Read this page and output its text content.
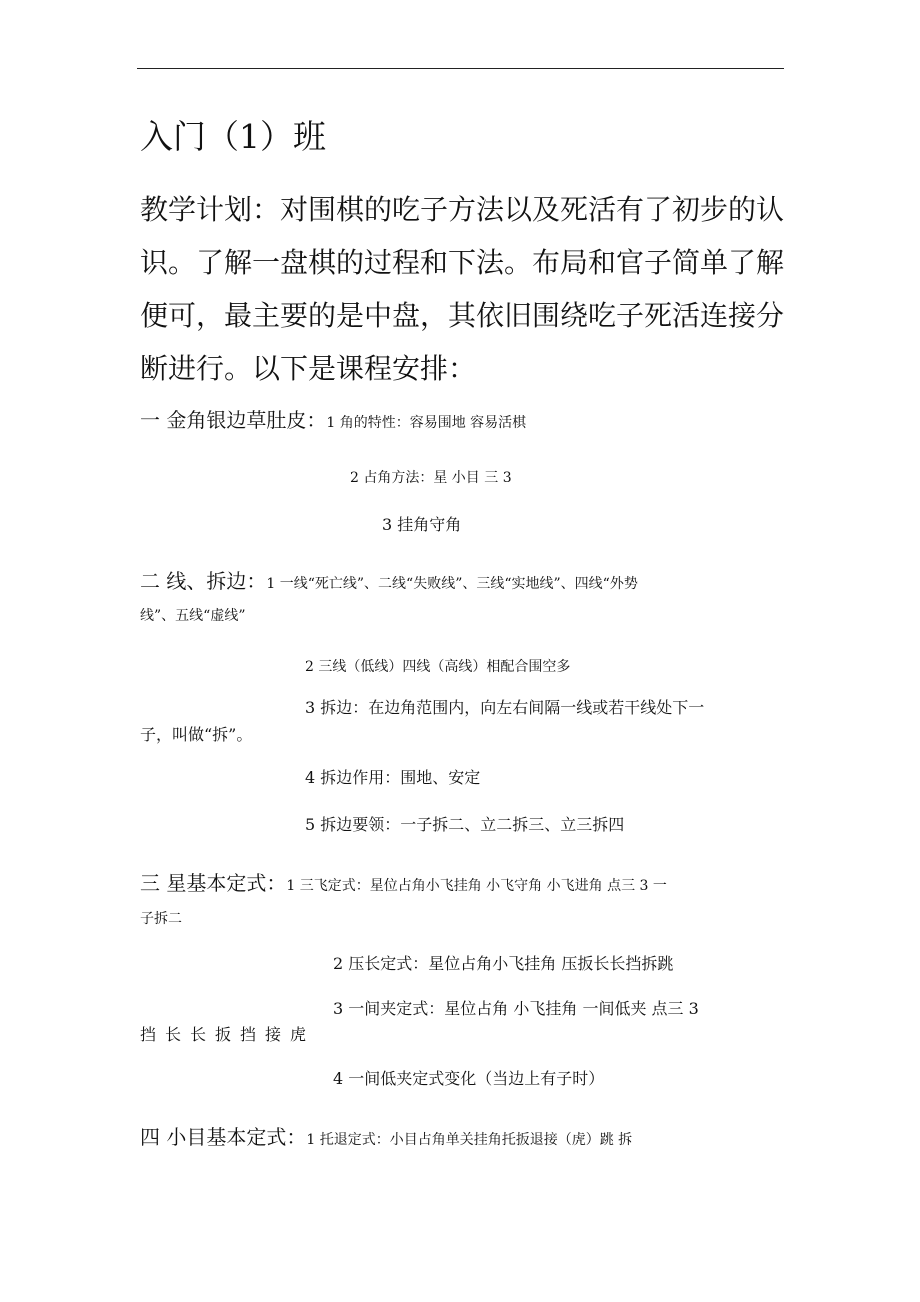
入门（1）班
教学计划：对围棋的吃子方法以及死活有了初步的认
识。了解一盘棋的过程和下法。布局和官子简单了解
便可，最主要的是中盘，其依旧围绕吃子死活连接分
断进行。以下是课程安排：
一 金角银边草肚皮：1 角的特性：容易围地 容易活棋
2 占角方法：星 小目 三 3
3 挂角守角
二 线、拆边：1 一线“死亡线”、二线“失败线”、三线“实地线”、四线“外势
线”、五线“虚线”
2 三线（低线）四线（高线）相配合围空多
3 拆边：在边角范围内，向左右间隔一线或若干线处下一
子，叫做“拆”。
4 拆边作用：围地、安定
5 拆边要领：一子拆二、立二拆三、立三拆四
三 星基本定式：1 三飞定式：星位占角小飞挂角 小飞守角 小飞进角 点三 3 一
子拆二
2 压长定式：星位占角小飞挂角 压扳长长挡拆跳
3 一间夹定式：星位占角 小飞挂角 一间低夹 点三 3
挡长长扳挡接虎
4 一间低夹定式变化（当边上有子时）
四 小目基本定式：1 托退定式：小目占角单关挂角托扳退接（虎）跳 拆
